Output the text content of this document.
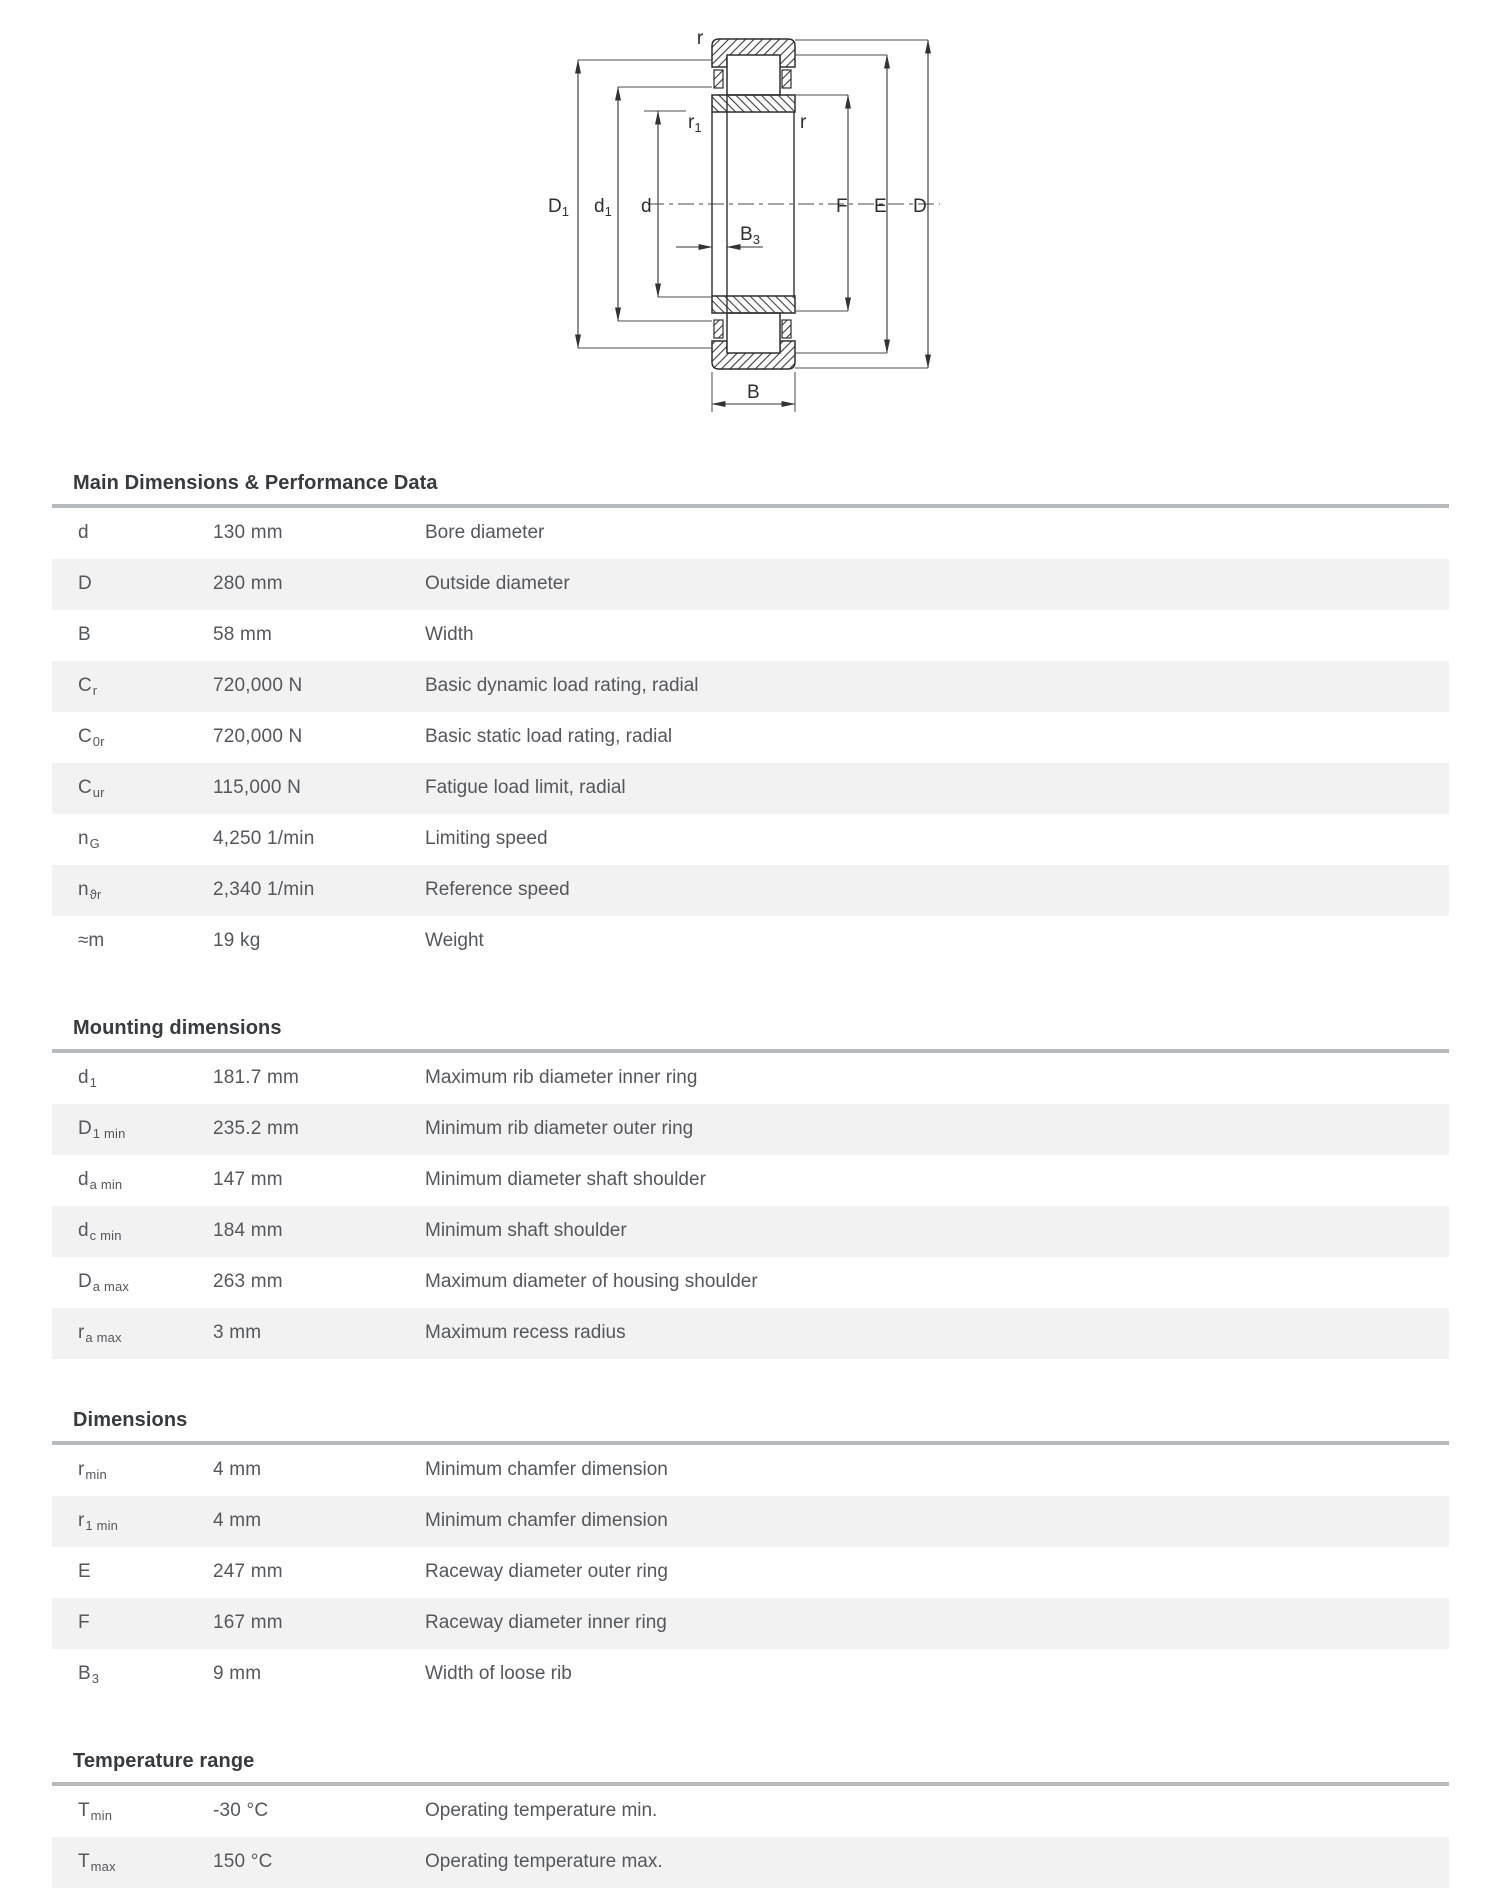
r
$r_1$	r
$D_1$ $d_1$ d
$B_3$
F E D
B
Main Dimensions & Performance Data
d	130 mm	Bore diameter
D	280 mm	Outside diameter
B	58 mm	Width
$C_r$	720,000 N	Basic dynamic load rating, radial
$C_{0r}$	720,000 N	Basic static load rating, radial
$C_{ur}$	115,000 N	Fatigue load limit, radial
$n_G$	4,250 1/min	Limiting speed
$n_{ϑr}$	2,340 1/min	Reference speed
≈m	19 kg	Weight
Mounting dimensions
$d_1$	181.7 mm	Maximum rib diameter inner ring
$D_{1 min}$	235.2 mm	Minimum rib diameter outer ring
$d_{a min}$	147 mm	Minimum diameter shaft shoulder
$d_{c min}$	184 mm	Minimum shaft shoulder
$D_{a max}$	263 mm	Maximum diameter of housing shoulder
$r_{a max}$	3 mm	Maximum recess radius
Dimensions
$r_{min}$	4 mm	Minimum chamfer dimension
$r_{1 min}$	4 mm	Minimum chamfer dimension
E	247 mm	Raceway diameter outer ring
F	167 mm	Raceway diameter inner ring
$B_3$	9 mm	Width of loose rib
Temperature range
$T_{min}$	-30 °C	Operating temperature min.
$T_{max}$	150 °C	Operating temperature max.
